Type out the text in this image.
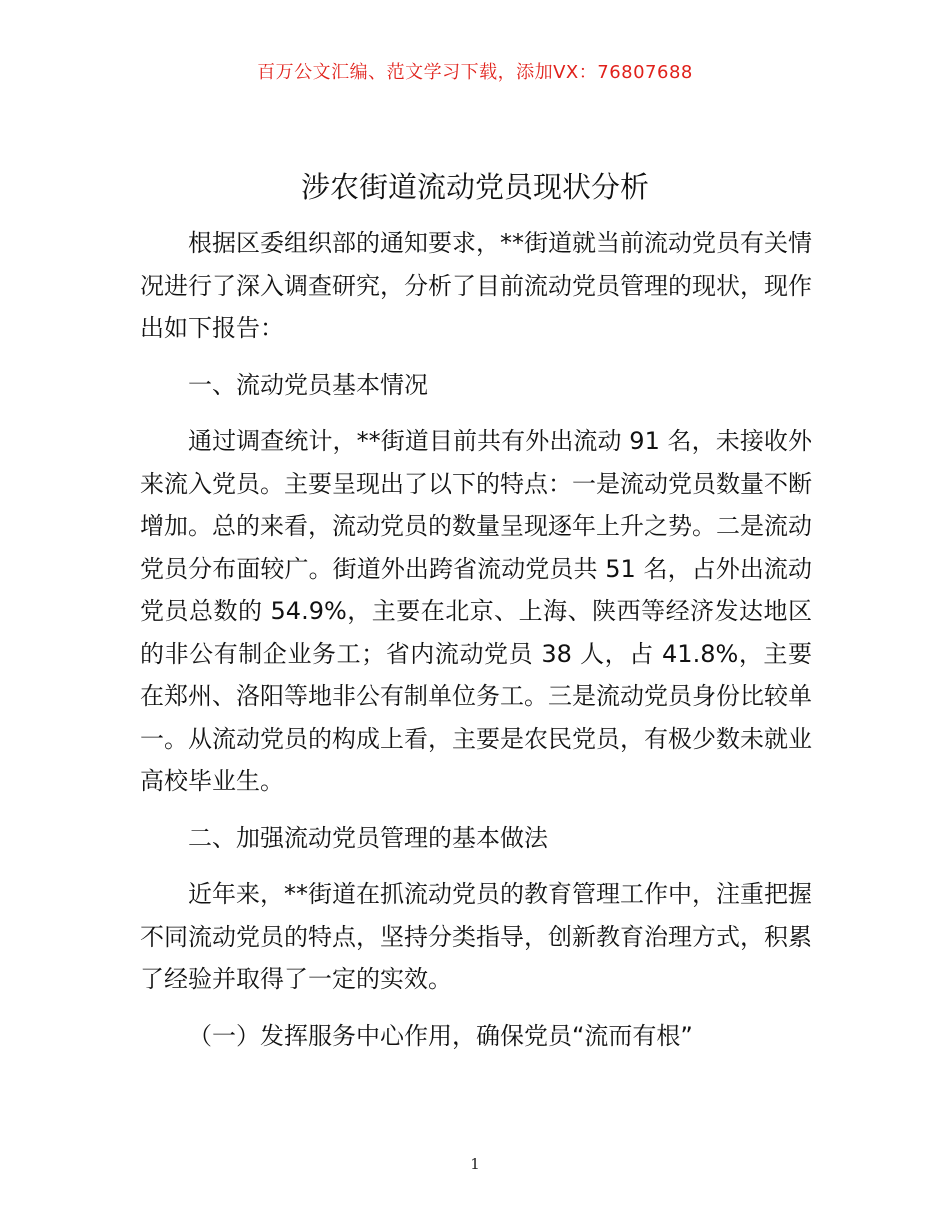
百万公文汇编、范文学习下载，添加VX：76807688
涉农街道流动党员现状分析

根据区委组织部的通知要求，**街道就当前流动党员有关情况进行了深入调查研究，分析了目前流动党员管理的现状，现作出如下报告：

一、流动党员基本情况

通过调查统计，**街道目前共有外出流动 91 名，未接收外来流入党员。主要呈现出了以下的特点：一是流动党员数量不断增加。总的来看，流动党员的数量呈现逐年上升之势。二是流动党员分布面较广。街道外出跨省流动党员共 51 名，占外出流动党员总数的 54.9%，主要在北京、上海、陕西等经济发达地区的非公有制企业务工；省内流动党员 38 人，占 41.8%，主要在郑州、洛阳等地非公有制单位务工。三是流动党员身份比较单一。从流动党员的构成上看，主要是农民党员，有极少数未就业高校毕业生。

二、加强流动党员管理的基本做法

近年来，**街道在抓流动党员的教育管理工作中，注重把握不同流动党员的特点，坚持分类指导，创新教育治理方式，积累了经验并取得了一定的实效。

（一）发挥服务中心作用，确保党员“流而有根”

1
